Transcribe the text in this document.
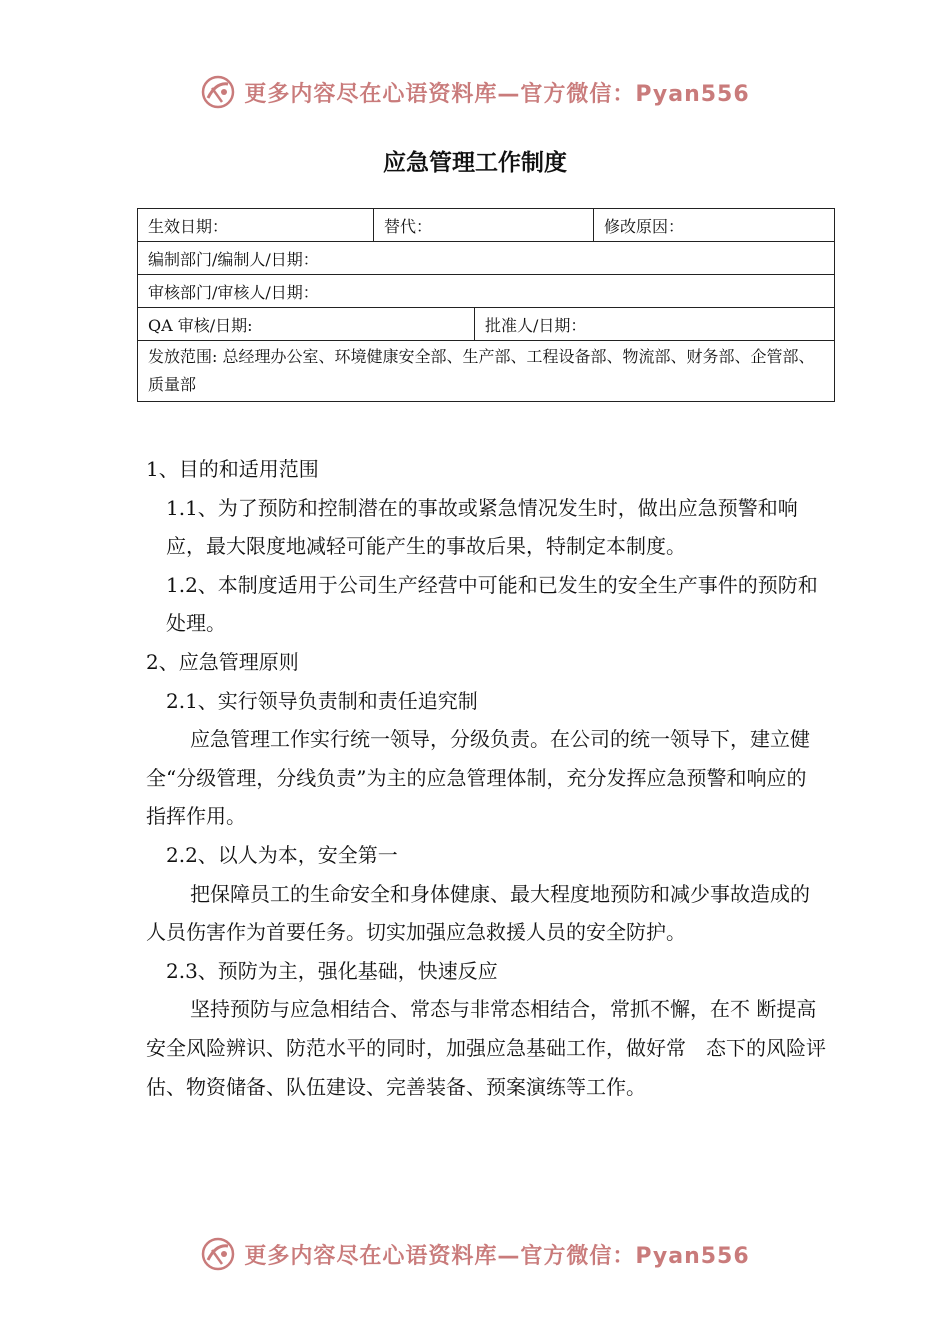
更多内容尽在心语资料库—官方微信：Pyan556
应急管理工作制度
生效日期：	替代：		修改原因：
编制部门/编制人/日期：			
审核部门/审核人/日期：			
QA 审核/日期:		批准人/日期：	
发放范围: 总经理办公室、环境健康安全部、生产部、工程设备部、物流部、财务部、企管部、质量部			

1、目的和适用范围

1.1、为了预防和控制潜在的事故或紧急情况发生时，做出应急预警和响应，最大限度地减轻可能产生的事故后果，特制定本制度。

1.2、本制度适用于公司生产经营中可能和已发生的安全生产事件的预防和处理。

2、应急管理原则

2.1、实行领导负责制和责任追究制

应急管理工作实行统一领导，分级负责。在公司的统一领导下，建立健全“分级管理，分线负责”为主的应急管理体制，充分发挥应急预警和响应的指挥作用。

2.2、以人为本，安全第一

把保障员工的生命安全和身体健康、最大程度地预防和减少事故造成的人员伤害作为首要任务。切实加强应急救援人员的安全防护。

2.3、预防为主，强化基础，快速反应

坚持预防与应急相结合、常态与非常态相结合，常抓不懈，在不 断提高安全风险辨识、防范水平的同时，加强应急基础工作，做好常　态下的风险评估、物资储备、队伍建设、完善装备、预案演练等工作。

更多内容尽在心语资料库—官方微信：Pyan556
